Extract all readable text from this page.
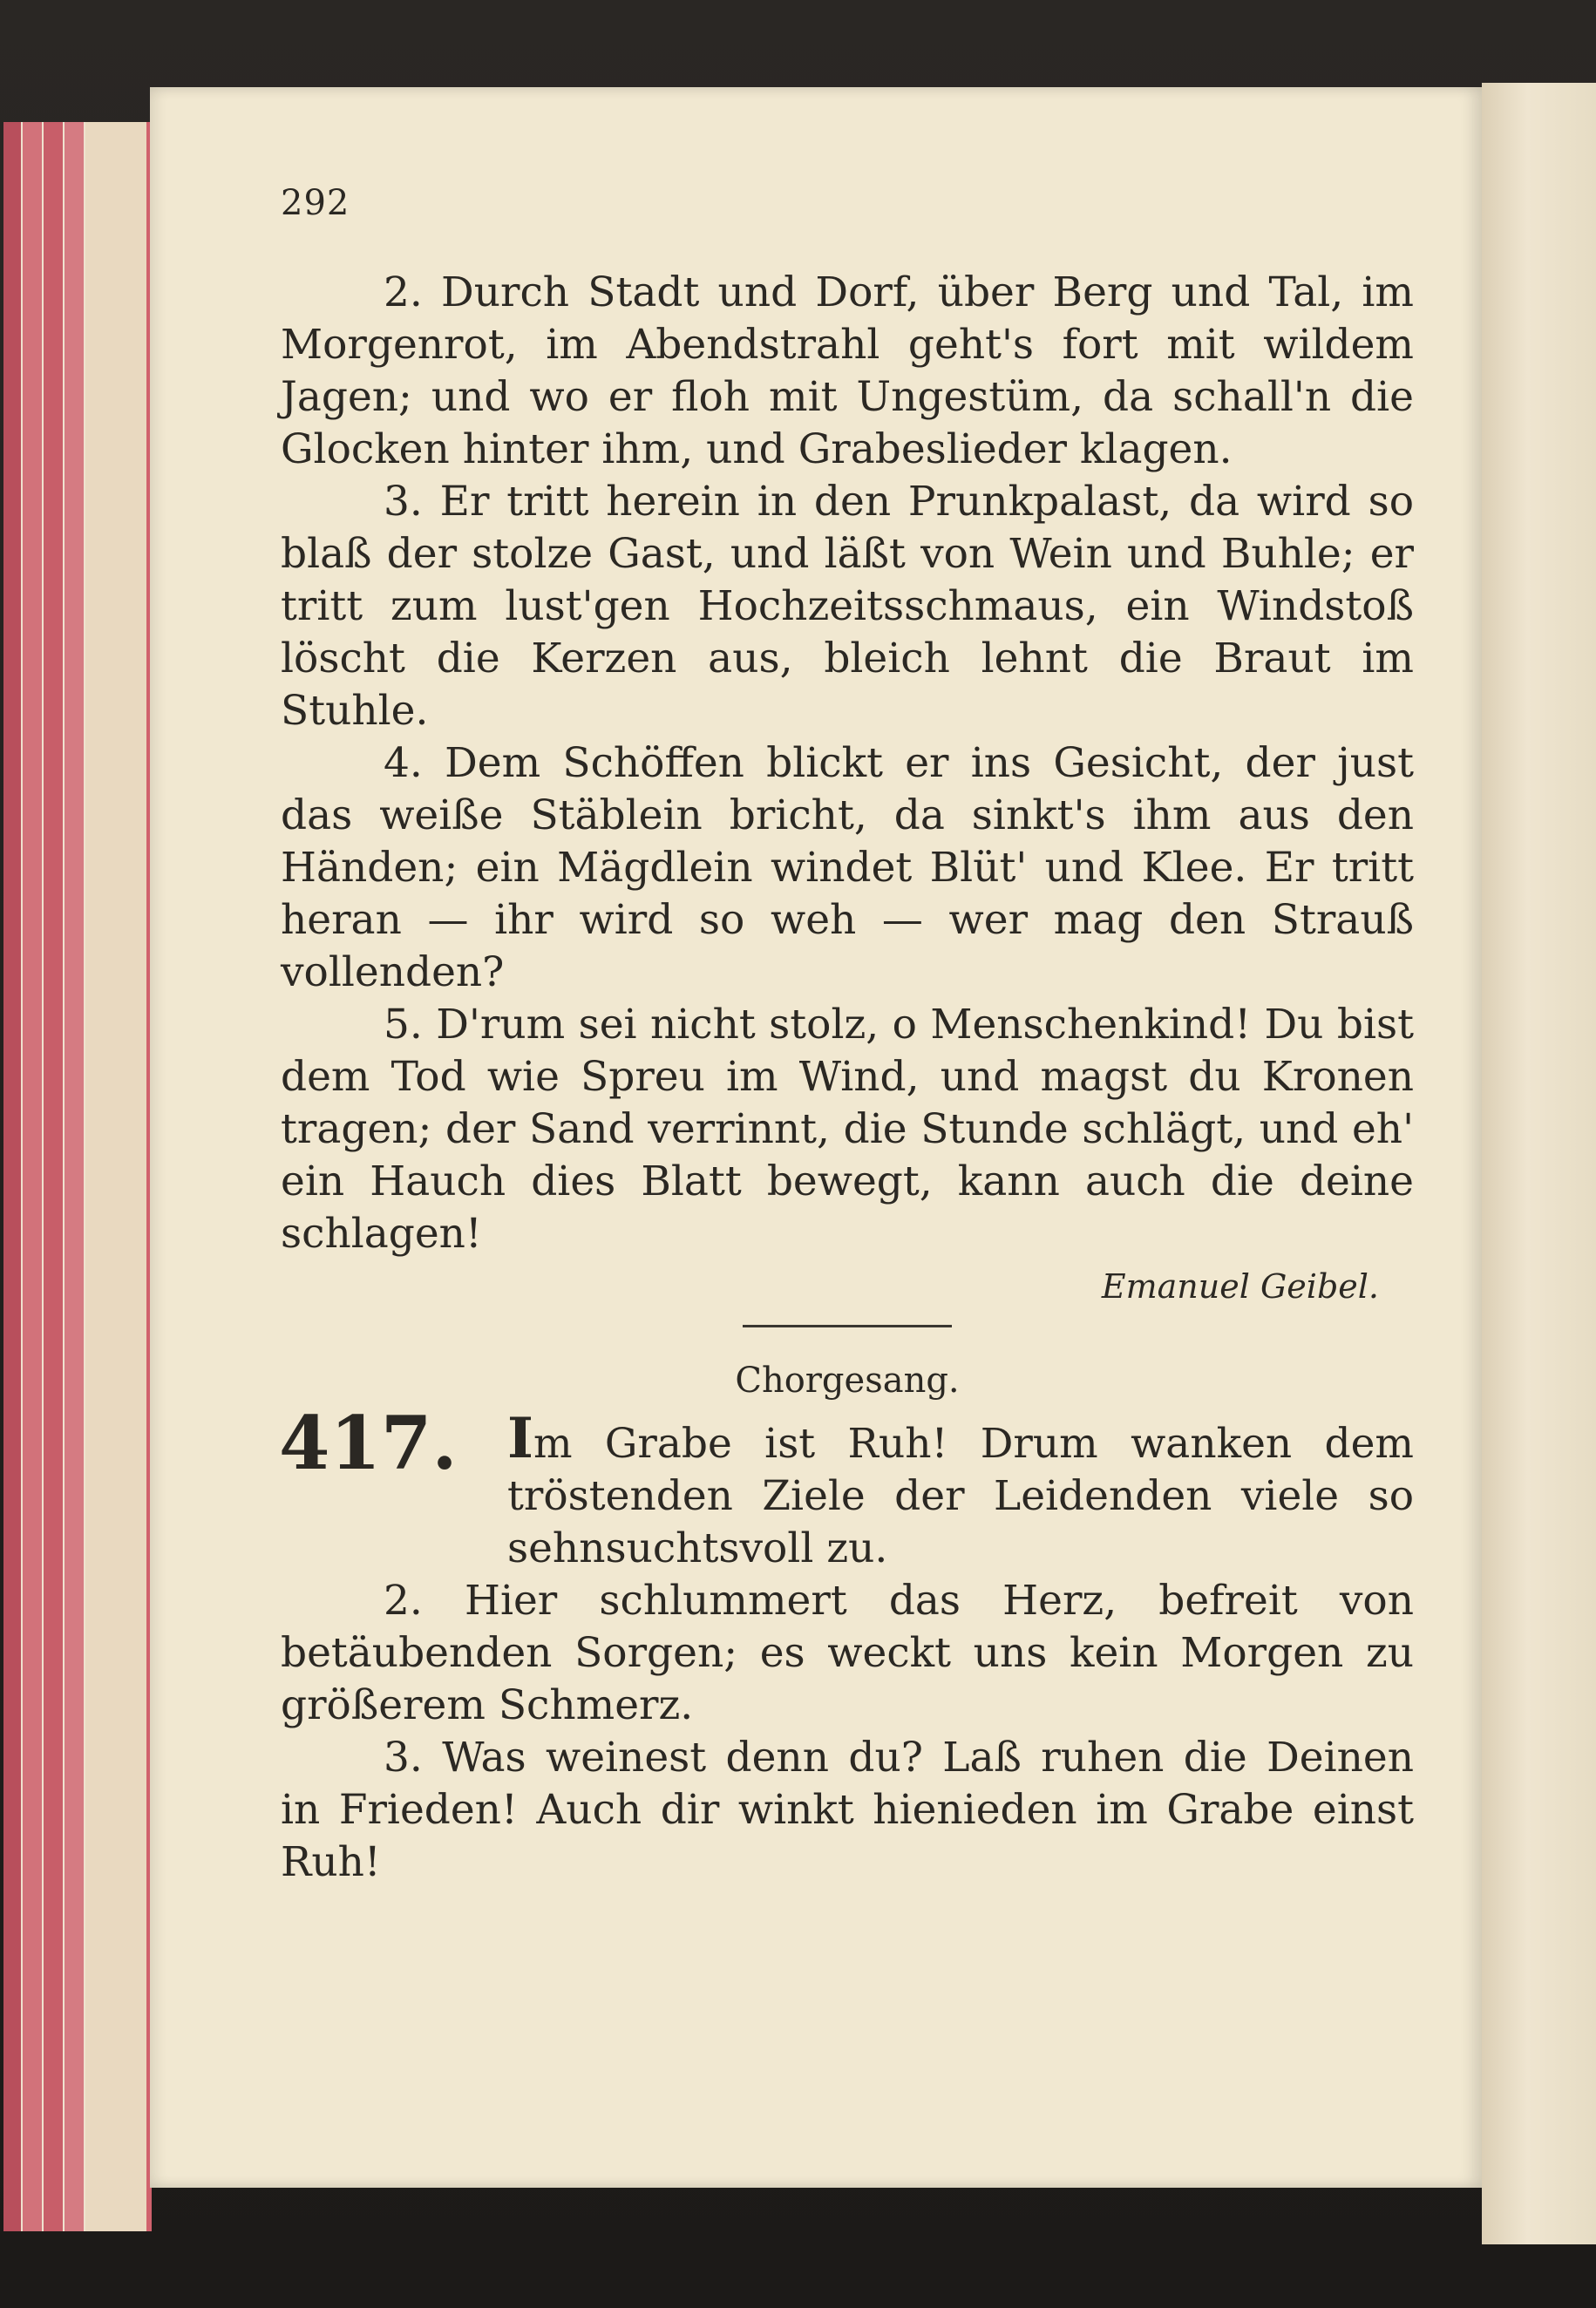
292

2. Durch Stadt und Dorf, über Berg und Tal, im Morgenrot, im Abendstrahl geht's fort mit wildem Jagen; und wo er floh mit Ungestüm, da schall'n die Glocken hinter ihm, und Grabeslieder klagen.

3. Er tritt herein in den Prunkpalast, da wird so blaß der stolze Gast, und läßt von Wein und Buhle; er tritt zum lust'gen Hochzeitsschmaus, ein Windstoß löscht die Kerzen aus, bleich lehnt die Braut im Stuhle.

4. Dem Schöffen blickt er ins Gesicht, der just das weiße Stäblein bricht, da sinkt's ihm aus den Händen; ein Mägdlein windet Blüt' und Klee. Er tritt heran — ihr wird so weh — wer mag den Strauß vollenden?

5. D'rum sei nicht stolz, o Menschenkind! Du bist dem Tod wie Spreu im Wind, und magst du Kronen tragen; der Sand verrinnt, die Stunde schlägt, und eh' ein Hauch dies Blatt bewegt, kann auch die deine schlagen!

Emanuel Geibel.
Chorgesang.
417. Im Grabe ist Ruh! Drum wanken dem tröstenden Ziele der Leidenden viele so sehnsuchtsvoll zu.

2. Hier schlummert das Herz, befreit von betäubenden Sorgen; es weckt uns kein Morgen zu größerem Schmerz.

3. Was weinest denn du? Laß ruhen die Deinen in Frieden! Auch dir winkt hienieden im Grabe einst Ruh!
